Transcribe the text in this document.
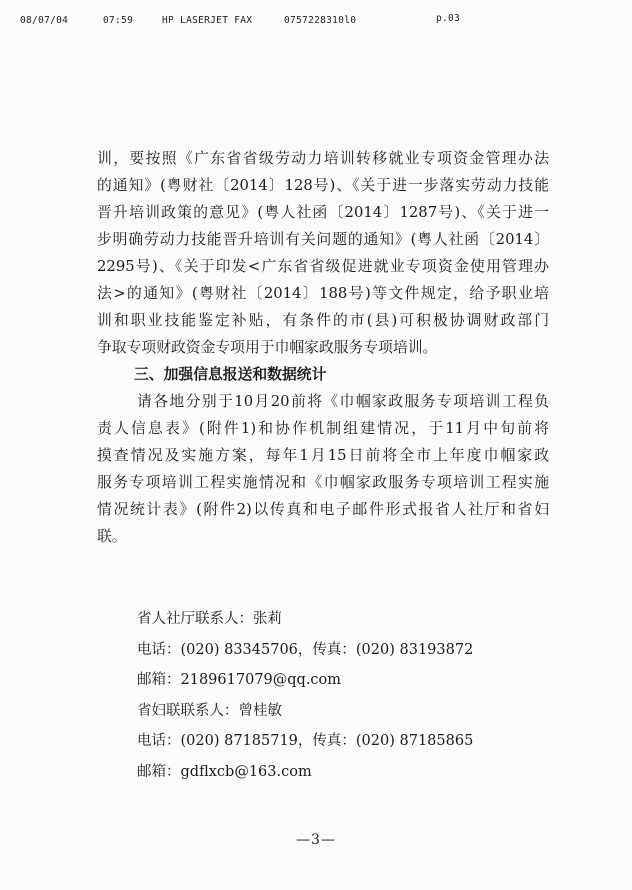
08/07/04	07:59	HP LASERJET FAX	0757228310l0	p.03
训，要按照《广东省省级劳动力培训转移就业专项资金管理办法
的通知》(粤财社〔2014〕128号)、《关于进一步落实劳动力技能
晋升培训政策的意见》(粤人社函〔2014〕1287号)、《关于进一
步明确劳动力技能晋升培训有关问题的通知》(粤人社函〔2014〕
2295号)、《关于印发<广东省省级促进就业专项资金使用管理办
法>的通知》(粤财社〔2014〕188号)等文件规定，给予职业培
训和职业技能鉴定补贴，有条件的市(县)可积极协调财政部门
争取专项财政资金专项用于巾帼家政服务专项培训。
三、加强信息报送和数据统计
请各地分别于10月20前将《巾帼家政服务专项培训工程负
责人信息表》(附件1)和协作机制组建情况，于11月中旬前将
摸查情况及实施方案，每年1月15日前将全市上年度巾帼家政
服务专项培训工程实施情况和《巾帼家政服务专项培训工程实施
情况统计表》(附件2)以传真和电子邮件形式报省人社厅和省妇
联。
省人社厅联系人：张莉
电话：(020) 83345706，传真：(020) 83193872
邮箱：2189617079@qq.com
省妇联联系人：曾桂敏
电话：(020) 87185719，传真：(020) 87185865
邮箱：gdflxcb@163.com
—3—
